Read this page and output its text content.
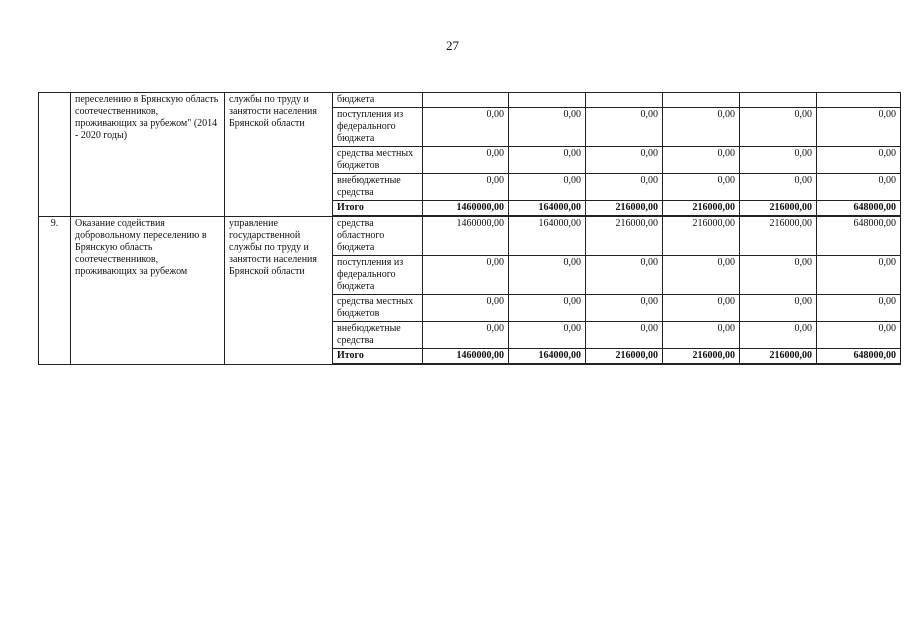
27
	переселению в Брянскую область соотечественников, проживающих за рубежом" (2014 - 2020 годы)	службы по труду и занятости населения Брянской области	бюджета						
			поступления из федерального бюджета	0,00	0,00	0,00	0,00	0,00	0,00
			средства местных бюджетов	0,00	0,00	0,00	0,00	0,00	0,00
			внебюджетные средства	0,00	0,00	0,00	0,00	0,00	0,00
			Итого	1460000,00	164000,00	216000,00	216000,00	216000,00	648000,00
9.	Оказание содействия добровольному переселению в Брянскую область соотечественников, проживающих за рубежом	управление государственной службы по труду и занятости населения Брянской области	средства областного бюджета	1460000,00	164000,00	216000,00	216000,00	216000,00	648000,00
			поступления из федерального бюджета	0,00	0,00	0,00	0,00	0,00	0,00
			средства местных бюджетов	0,00	0,00	0,00	0,00	0,00	0,00
			внебюджетные средства	0,00	0,00	0,00	0,00	0,00	0,00
			Итого	1460000,00	164000,00	216000,00	216000,00	216000,00	648000,00
